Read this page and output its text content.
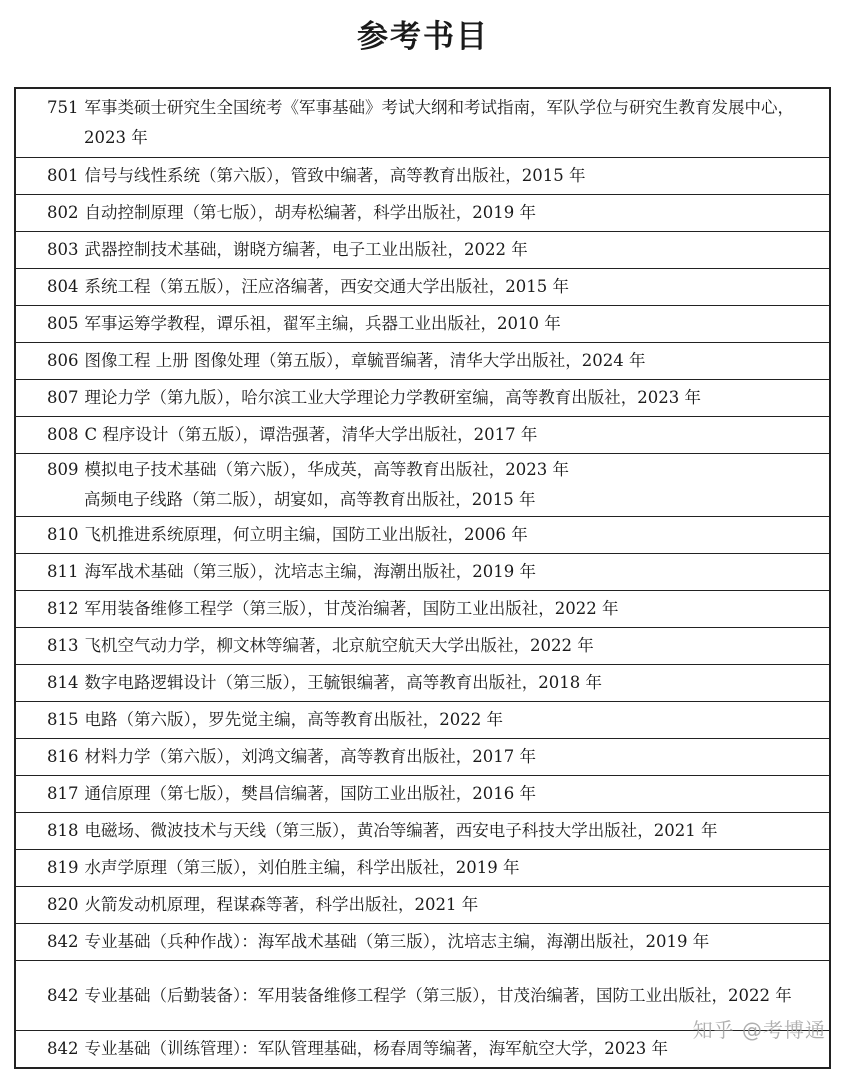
参考书目
751 军事类硕士研究生全国统考《军事基础》考试大纲和考试指南，军队学位与研究生教育发展中心，2023 年

801 信号与线性系统（第六版），管致中编著，高等教育出版社，2015 年

802 自动控制原理（第七版），胡寿松编著，科学出版社，2019 年

803 武器控制技术基础，谢晓方编著，电子工业出版社，2022 年

804 系统工程（第五版），汪应洛编著，西安交通大学出版社，2015 年

805 军事运筹学教程，谭乐祖，翟军主编，兵器工业出版社，2010 年

806 图像工程 上册 图像处理（第五版），章毓晋编著，清华大学出版社，2024 年

807 理论力学（第九版），哈尔滨工业大学理论力学教研室编，高等教育出版社，2023 年

808 C 程序设计（第五版），谭浩强著，清华大学出版社，2017 年

809 模拟电子技术基础（第六版），华成英，高等教育出版社，2023 年
高频电子线路（第二版），胡宴如，高等教育出版社，2015 年

810 飞机推进系统原理，何立明主编，国防工业出版社，2006 年

811 海军战术基础（第三版），沈培志主编，海潮出版社，2019 年

812 军用装备维修工程学（第三版），甘茂治编著，国防工业出版社，2022 年

813 飞机空气动力学，柳文林等编著，北京航空航天大学出版社，2022 年

814 数字电路逻辑设计（第三版），王毓银编著，高等教育出版社，2018 年

815 电路（第六版），罗先觉主编，高等教育出版社，2022 年

816 材料力学（第六版），刘鸿文编著，高等教育出版社，2017 年

817 通信原理（第七版），樊昌信编著，国防工业出版社，2016 年

818 电磁场、微波技术与天线（第三版），黄冶等编著，西安电子科技大学出版社，2021 年

819 水声学原理（第三版），刘伯胜主编，科学出版社，2019 年

820 火箭发动机原理，程谋森等著，科学出版社，2021 年

842 专业基础（兵种作战）：海军战术基础（第三版），沈培志主编，海潮出版社，2019 年

842 专业基础（后勤装备）：军用装备维修工程学（第三版），甘茂治编著，国防工业出版社，2022 年

842 专业基础（训练管理）：军队管理基础，杨春周等编著，海军航空大学，2023 年
知乎 @考博通
